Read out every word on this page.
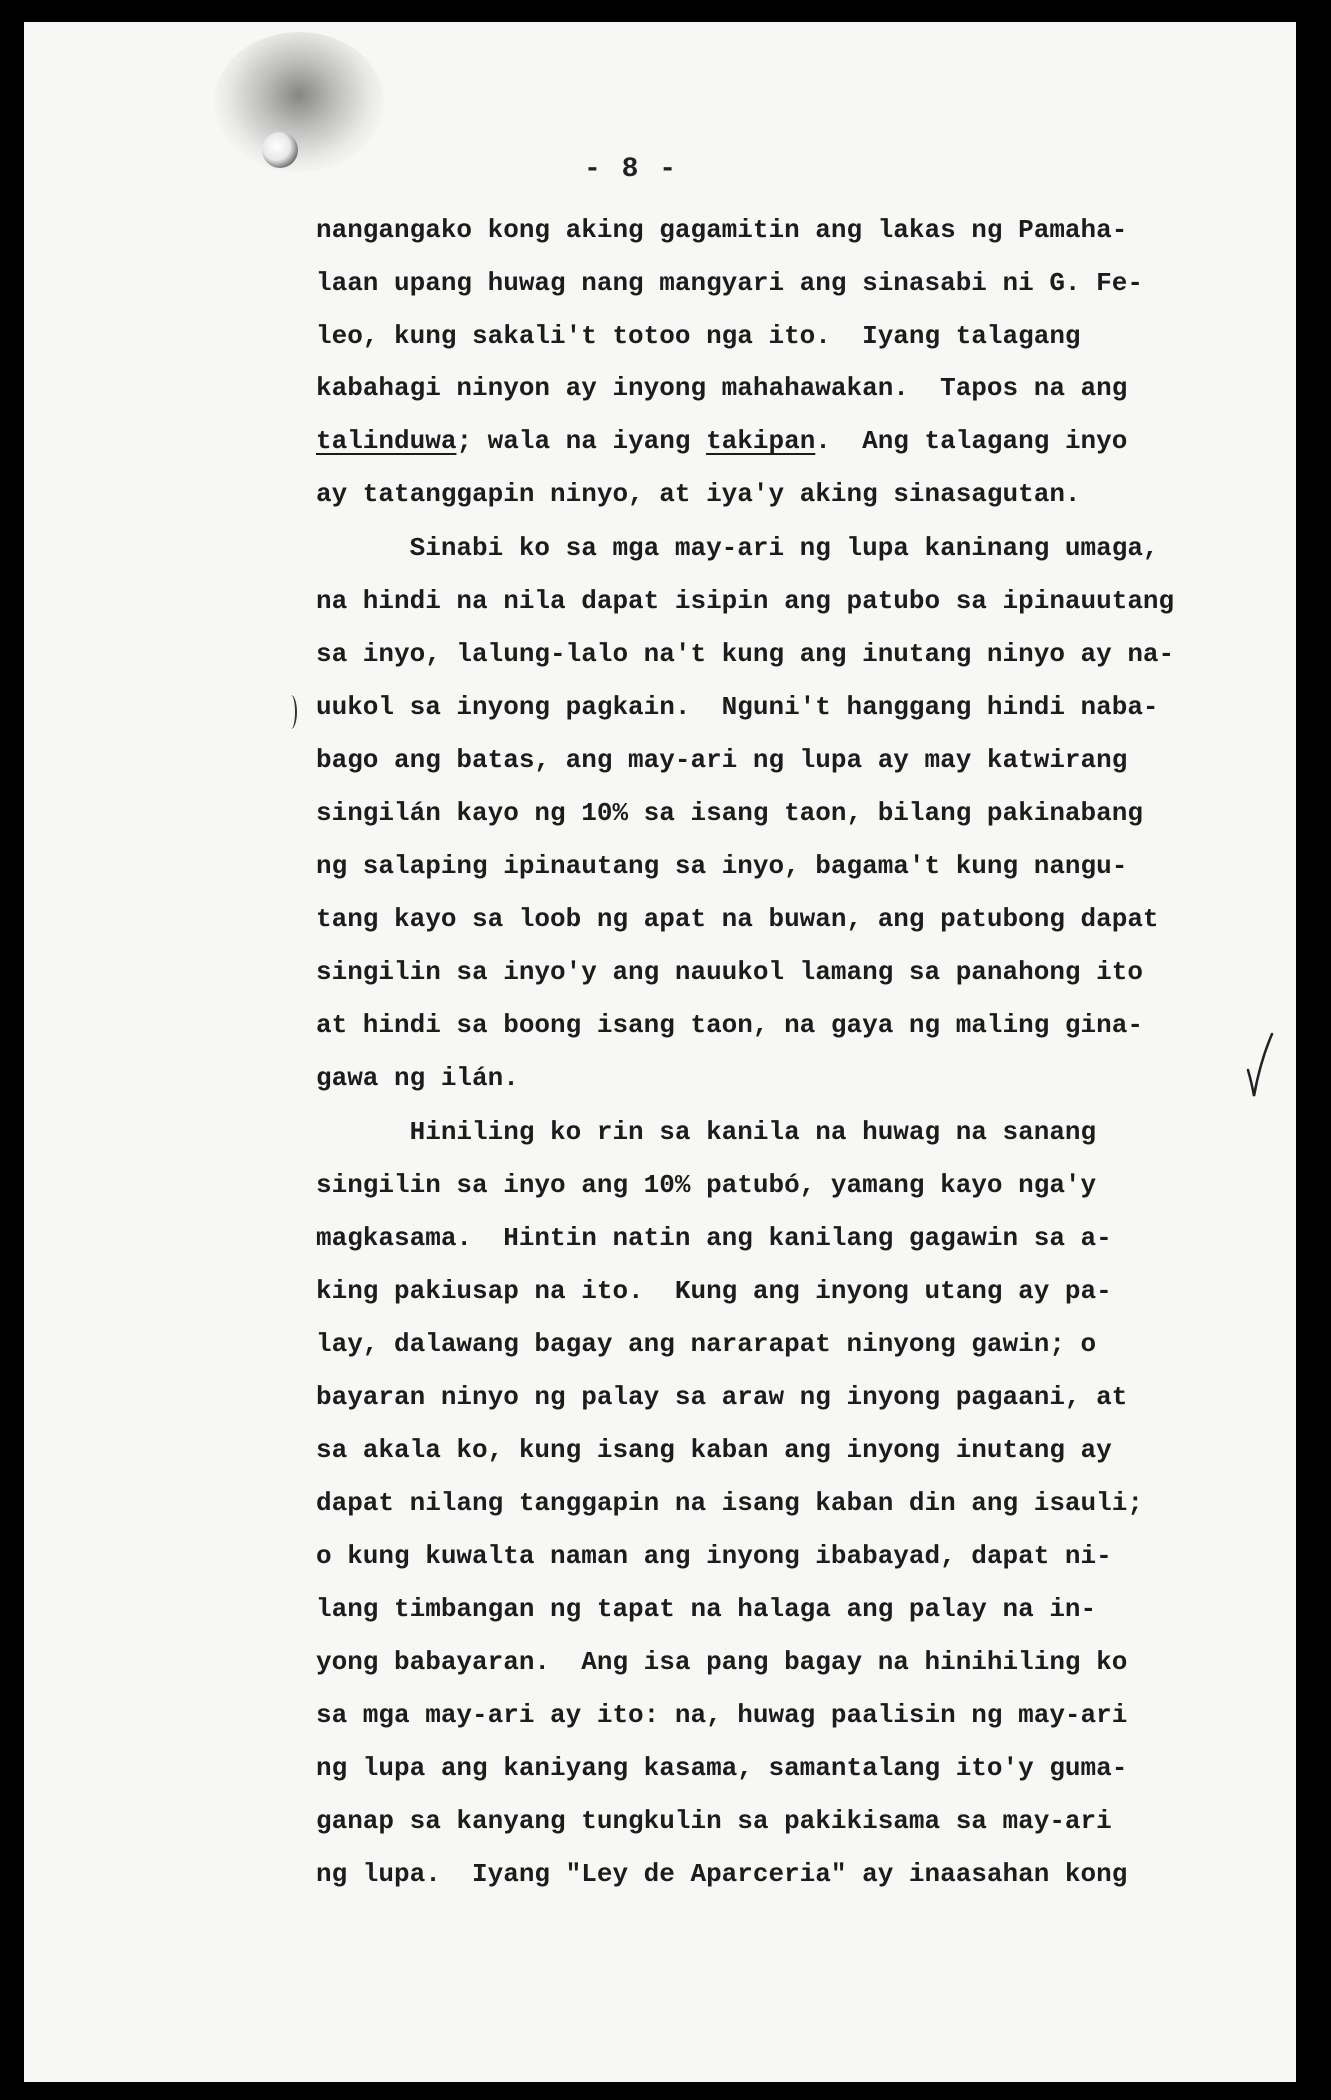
- 8 -
nangangako kong aking gagamitin ang lakas ng Pamaha-
laan upang huwag nang mangyari ang sinasabi ni G. Fe-
leo, kung sakali't totoo nga ito.  Iyang talagang
kabahagi ninyon ay inyong mahahawakan.  Tapos na ang
talinduwa; wala na iyang takipan.  Ang talagang inyo
ay tatanggapin ninyo, at iya'y aking sinasagutan.
Sinabi ko sa mga may-ari ng lupa kaninang umaga,
na hindi na nila dapat isipin ang patubo sa ipinauutang
sa inyo, lalung-lalo na't kung ang inutang ninyo ay na-
uukol sa inyong pagkain.  Nguni't hanggang hindi naba-
bago ang batas, ang may-ari ng lupa ay may katwirang
singilán kayo ng 10% sa isang taon, bilang pakinabang
ng salaping ipinautang sa inyo, bagama't kung nangu-
tang kayo sa loob ng apat na buwan, ang patubong dapat
singilin sa inyo'y ang nauukol lamang sa panahong ito
at hindi sa boong isang taon, na gaya ng maling gina-
gawa ng ilán.
Hiniling ko rin sa kanila na huwag na sanang
singilin sa inyo ang 10% patubó, yamang kayo nga'y
magkasama.  Hintin natin ang kanilang gagawin sa a-
king pakiusap na ito.  Kung ang inyong utang ay pa-
lay, dalawang bagay ang nararapat ninyong gawin; o
bayaran ninyo ng palay sa araw ng inyong pagaani, at
sa akala ko, kung isang kaban ang inyong inutang ay
dapat nilang tanggapin na isang kaban din ang isauli;
o kung kuwalta naman ang inyong ibabayad, dapat ni-
lang timbangan ng tapat na halaga ang palay na in-
yong babayaran.  Ang isa pang bagay na hinihiling ko
sa mga may-ari ay ito: na, huwag paalisin ng may-ari
ng lupa ang kaniyang kasama, samantalang ito'y guma-
ganap sa kanyang tungkulin sa pakikisama sa may-ari
ng lupa.  Iyang "Ley de Aparceria" ay inaasahan kong
